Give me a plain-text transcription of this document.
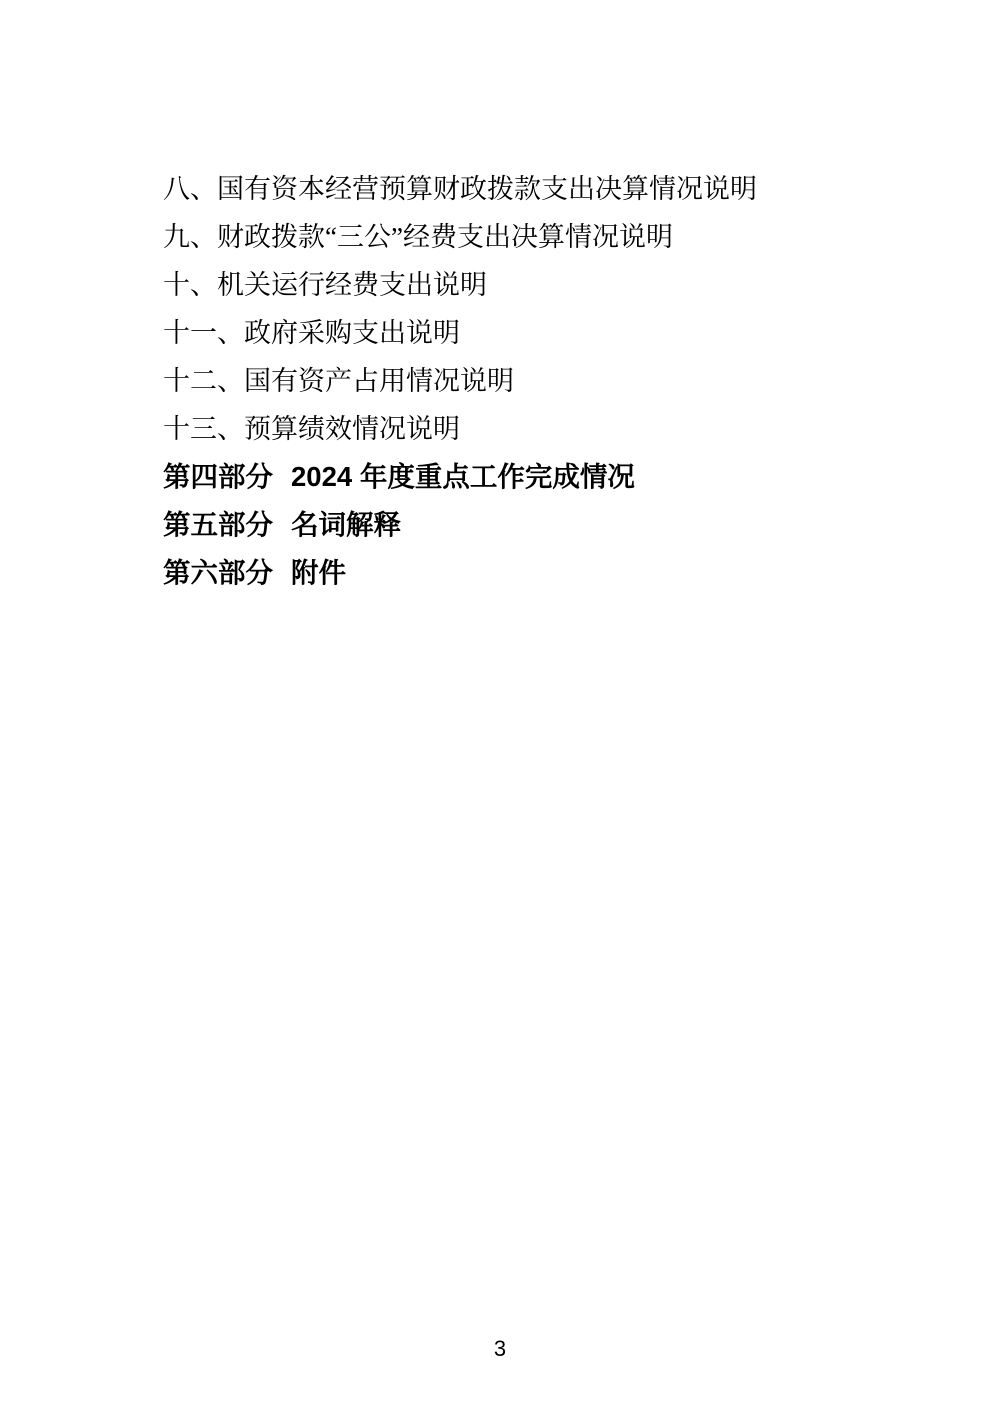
八、国有资本经营预算财政拨款支出决算情况说明
九、财政拨款“三公”经费支出决算情况说明
十、机关运行经费支出说明
十一、政府采购支出说明
十二、国有资产占用情况说明
十三、预算绩效情况说明
第四部分 2024 年度重点工作完成情况
第五部分 名词解释
第六部分 附件
3
